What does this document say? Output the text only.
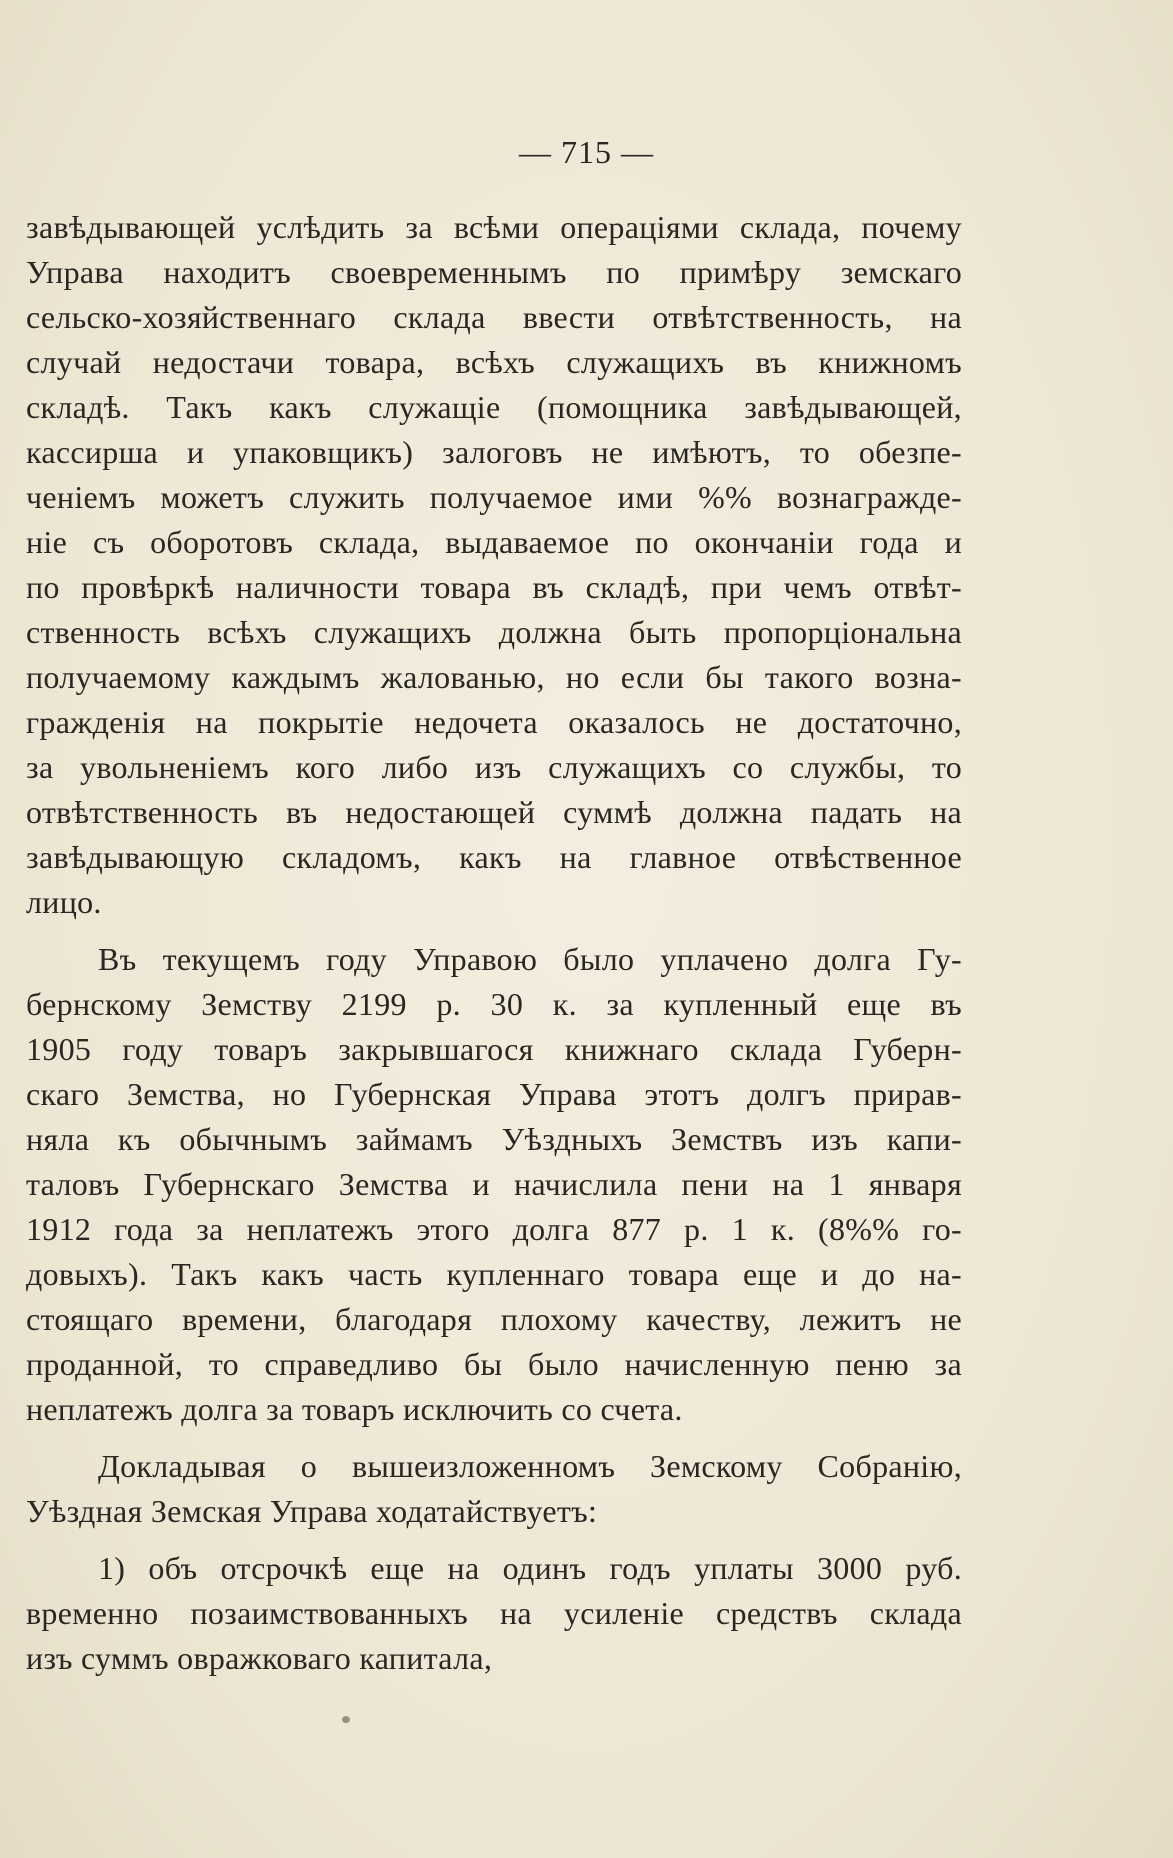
— 715 —
завѣдывающей услѣдить за всѣми операціями склада, почему
Управа находитъ своевременнымъ по примѣру земскаго
сельско-хозяйственнаго склада ввести отвѣтственность, на
случай недостачи товара, всѣхъ служащихъ въ книжномъ
складѣ. Такъ какъ служащіе (помощника завѣдывающей,
кассирша и упаковщикъ) залоговъ не имѣютъ, то обезпе-
ченіемъ можетъ служить получаемое ими %% вознагражде-
ніе съ оборотовъ склада, выдаваемое по окончаніи года и
по провѣркѣ наличности товара въ складѣ, при чемъ отвѣт-
ственность всѣхъ служащихъ должна быть пропорціональна
получаемому каждымъ жалованью, но если бы такого возна-
гражденія на покрытіе недочета оказалось не достаточно,
за увольненіемъ кого либо изъ служащихъ со службы, то
отвѣтственность въ недостающей суммѣ должна падать на
завѣдывающую складомъ, какъ на главное отвѣственное
лицо.
Въ текущемъ году Управою было уплачено долга Гу-
бернскому Земству 2199 р. 30 к. за купленный еще въ
1905 году товаръ закрывшагося книжнаго склада Губерн-
скаго Земства, но Губернская Управа этотъ долгъ прирав-
няла къ обычнымъ займамъ Уѣздныхъ Земствъ изъ капи-
таловъ Губернскаго Земства и начислила пени на 1 января
1912 года за неплатежъ этого долга 877 р. 1 к. (8%% го-
довыхъ). Такъ какъ часть купленнаго товара еще и до на-
стоящаго времени, благодаря плохому качеству, лежитъ не
проданной, то справедливо бы было начисленную пеню за
неплатежъ долга за товаръ исключить со счета.
Докладывая о вышеизложенномъ Земскому Собранію,
Уѣздная Земская Управа ходатайствуетъ:
1) объ отсрочкѣ еще на одинъ годъ уплаты 3000 руб.
временно позаимствованныхъ на усиленіе средствъ склада
изъ суммъ овражковаго капитала,
